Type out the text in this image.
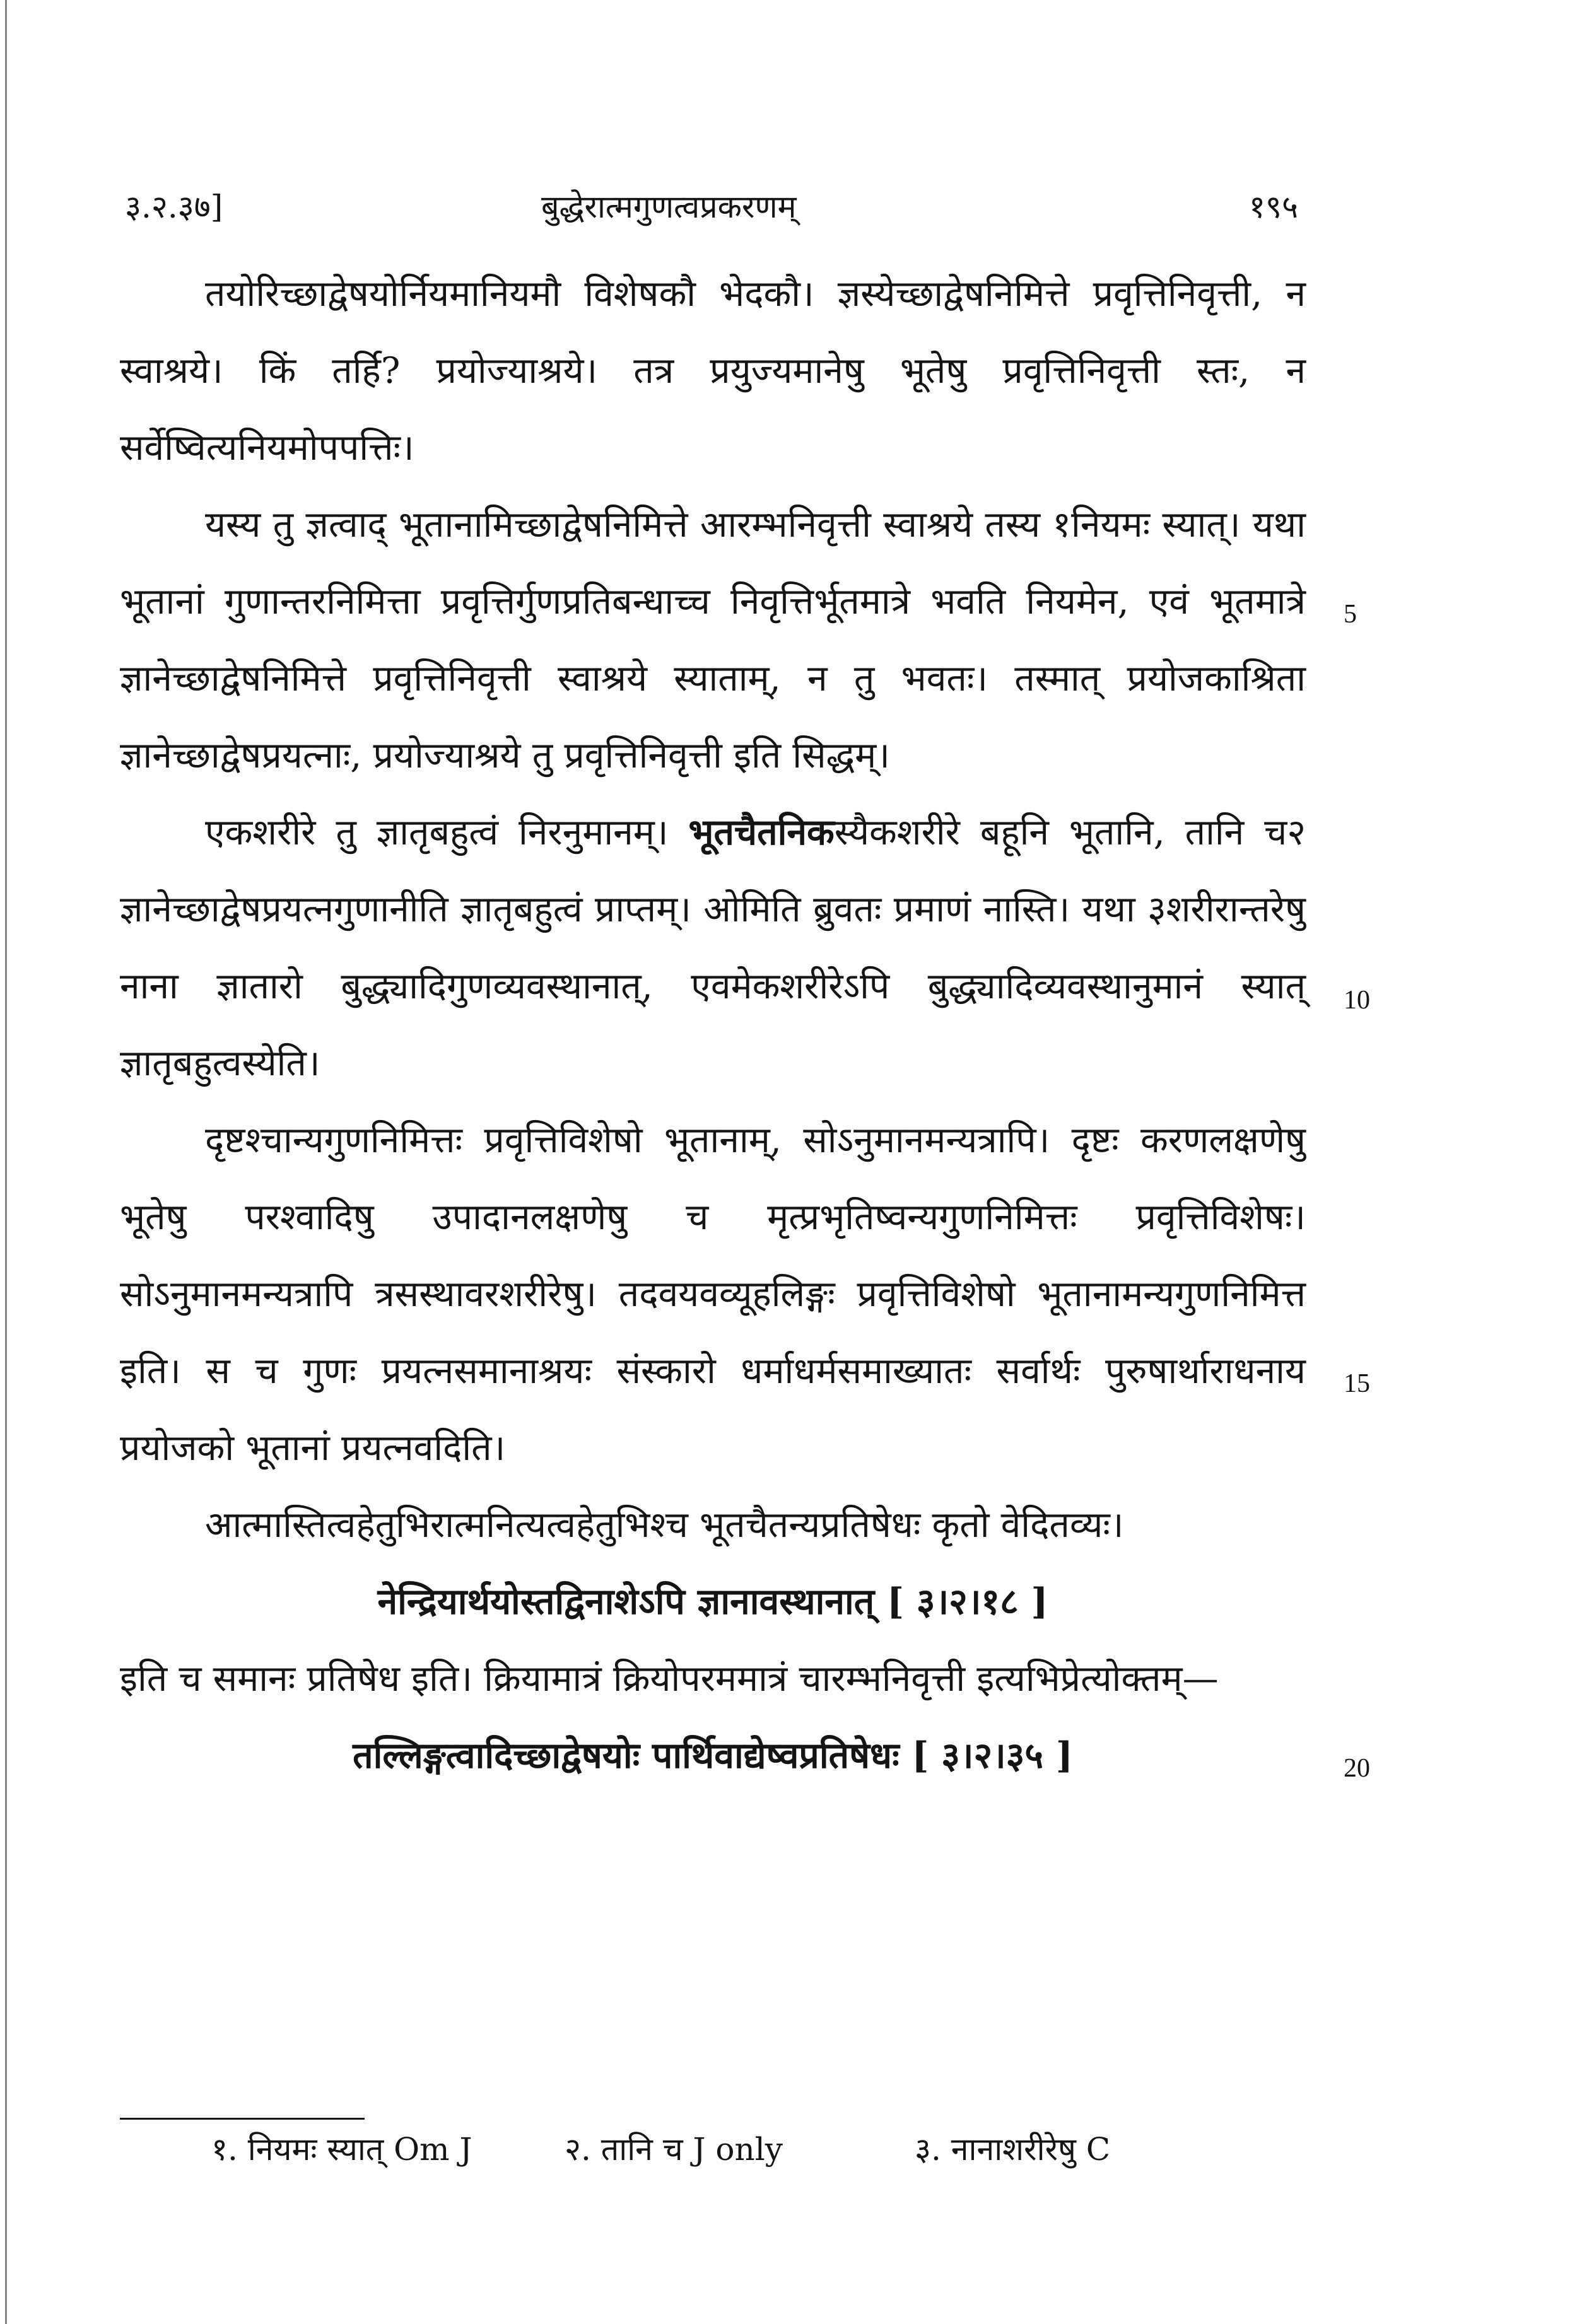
३.२.३७]	बुद्धेरात्मगुणत्वप्रकरणम्	१९५

तयोरिच्छाद्वेषयोर्नियमानियमौ विशेषकौ भेदकौ। ज्ञस्येच्छाद्वेषनिमित्ते प्रवृत्तिनिवृत्ती, न स्वाश्रये। किं तर्हि? प्रयोज्याश्रये। तत्र प्रयुज्यमानेषु भूतेषु प्रवृत्तिनिवृत्ती स्तः, न सर्वेष्वित्यनियमोपपत्तिः।

यस्य तु ज्ञत्वाद् भूतानामिच्छाद्वेषनिमित्ते आरम्भनिवृत्ती स्वाश्रये तस्य १नियमः स्यात्। यथा भूतानां गुणान्तरनिमित्ता प्रवृत्तिर्गुणप्रतिबन्धाच्च निवृत्तिर्भूतमात्रे भवति नियमेन, एवं भूतमात्रे ज्ञानेच्छाद्वेषनिमित्ते प्रवृत्तिनिवृत्ती स्वाश्रये स्याताम्, न तु भवतः। तस्मात् प्रयोजकाश्रिता ज्ञानेच्छाद्वेषप्रयत्नाः, प्रयोज्याश्रये तु प्रवृत्तिनिवृत्ती इति सिद्धम्।

एकशरीरे तु ज्ञातृबहुत्वं निरनुमानम्। भूतचैतनिकस्यैकशरीरे बहूनि भूतानि, तानि च२ ज्ञानेच्छाद्वेषप्रयत्नगुणानीति ज्ञातृबहुत्वं प्राप्तम्। ओमिति ब्रुवतः प्रमाणं नास्ति। यथा ३शरीरान्तरेषु नाना ज्ञातारो बुद्ध्यादिगुणव्यवस्थानात्, एवमेकशरीरेऽपि बुद्ध्यादिव्यवस्थानुमानं स्यात् ज्ञातृबहुत्वस्येति।

दृष्टश्चान्यगुणनिमित्तः प्रवृत्तिविशेषो भूतानाम्, सोऽनुमानमन्यत्रापि। दृष्टः करणलक्षणेषु भूतेषु परश्वादिषु उपादानलक्षणेषु च मृत्प्रभृतिष्वन्यगुणनिमित्तः प्रवृत्तिविशेषः। सोऽनुमानमन्यत्रापि त्रसस्थावरशरीरेषु। तदवयवव्यूहलिङ्गः प्रवृत्तिविशेषो भूतानामन्यगुणनिमित्त इति। स च गुणः प्रयत्नसमानाश्रयः संस्कारो धर्माधर्मसमाख्यातः सर्वार्थः पुरुषार्थाराधनाय प्रयोजको भूतानां प्रयत्नवदिति।

आत्मास्तित्वहेतुभिरात्मनित्यत्वहेतुभिश्च भूतचैतन्यप्रतिषेधः कृतो वेदितव्यः।

नेन्द्रियार्थयोस्तद्विनाशेऽपि ज्ञानावस्थानात् [ ३।२।१८ ]

इति च समानः प्रतिषेध इति। क्रियामात्रं क्रियोपरममात्रं चारम्भनिवृत्ती इत्यभिप्रेत्योक्तम्—

तल्लिङ्गत्वादिच्छाद्वेषयोः पार्थिवाद्येष्वप्रतिषेधः [ ३।२।३५ ]

5
10
15
20
१. नियमः स्यात् Om J	२. तानि च J only	३. नानाशरीरेषु C
